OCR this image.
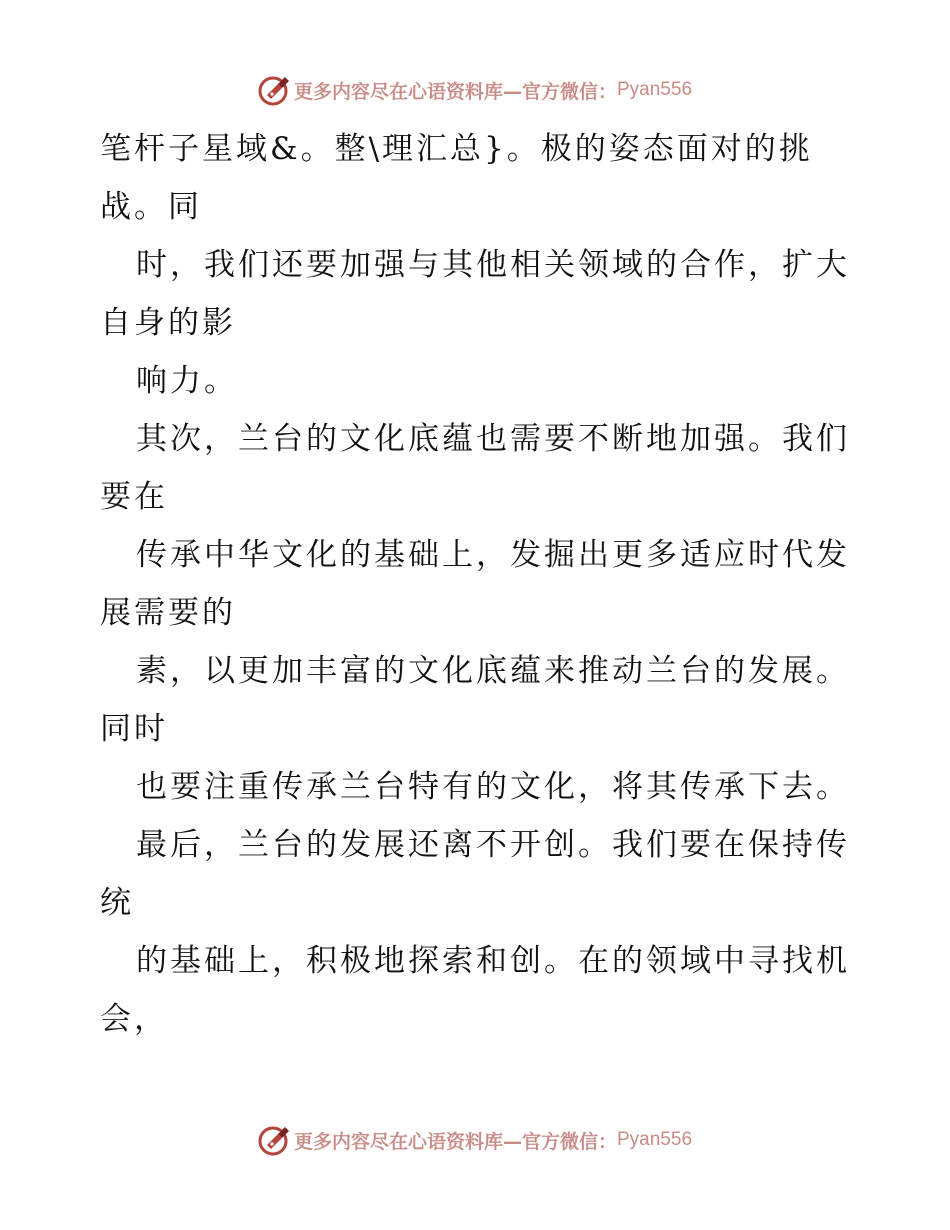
更多内容尽在心语资料库—官方微信： Pyan556
笔杆子星域&。整\理汇总}。极的姿态面对的挑
战。同
时，我们还要加强与其他相关领域的合作，扩大
自身的影
响力。
其次，兰台的文化底蕴也需要不断地加强。我们
要在
传承中华文化的基础上，发掘出更多适应时代发
展需要的
素，以更加丰富的文化底蕴来推动兰台的发展。
同时
也要注重传承兰台特有的文化，将其传承下去。
最后，兰台的发展还离不开创。我们要在保持传
统
的基础上，积极地探索和创。在的领域中寻找机
会，
更多内容尽在心语资料库—官方微信： Pyan556
